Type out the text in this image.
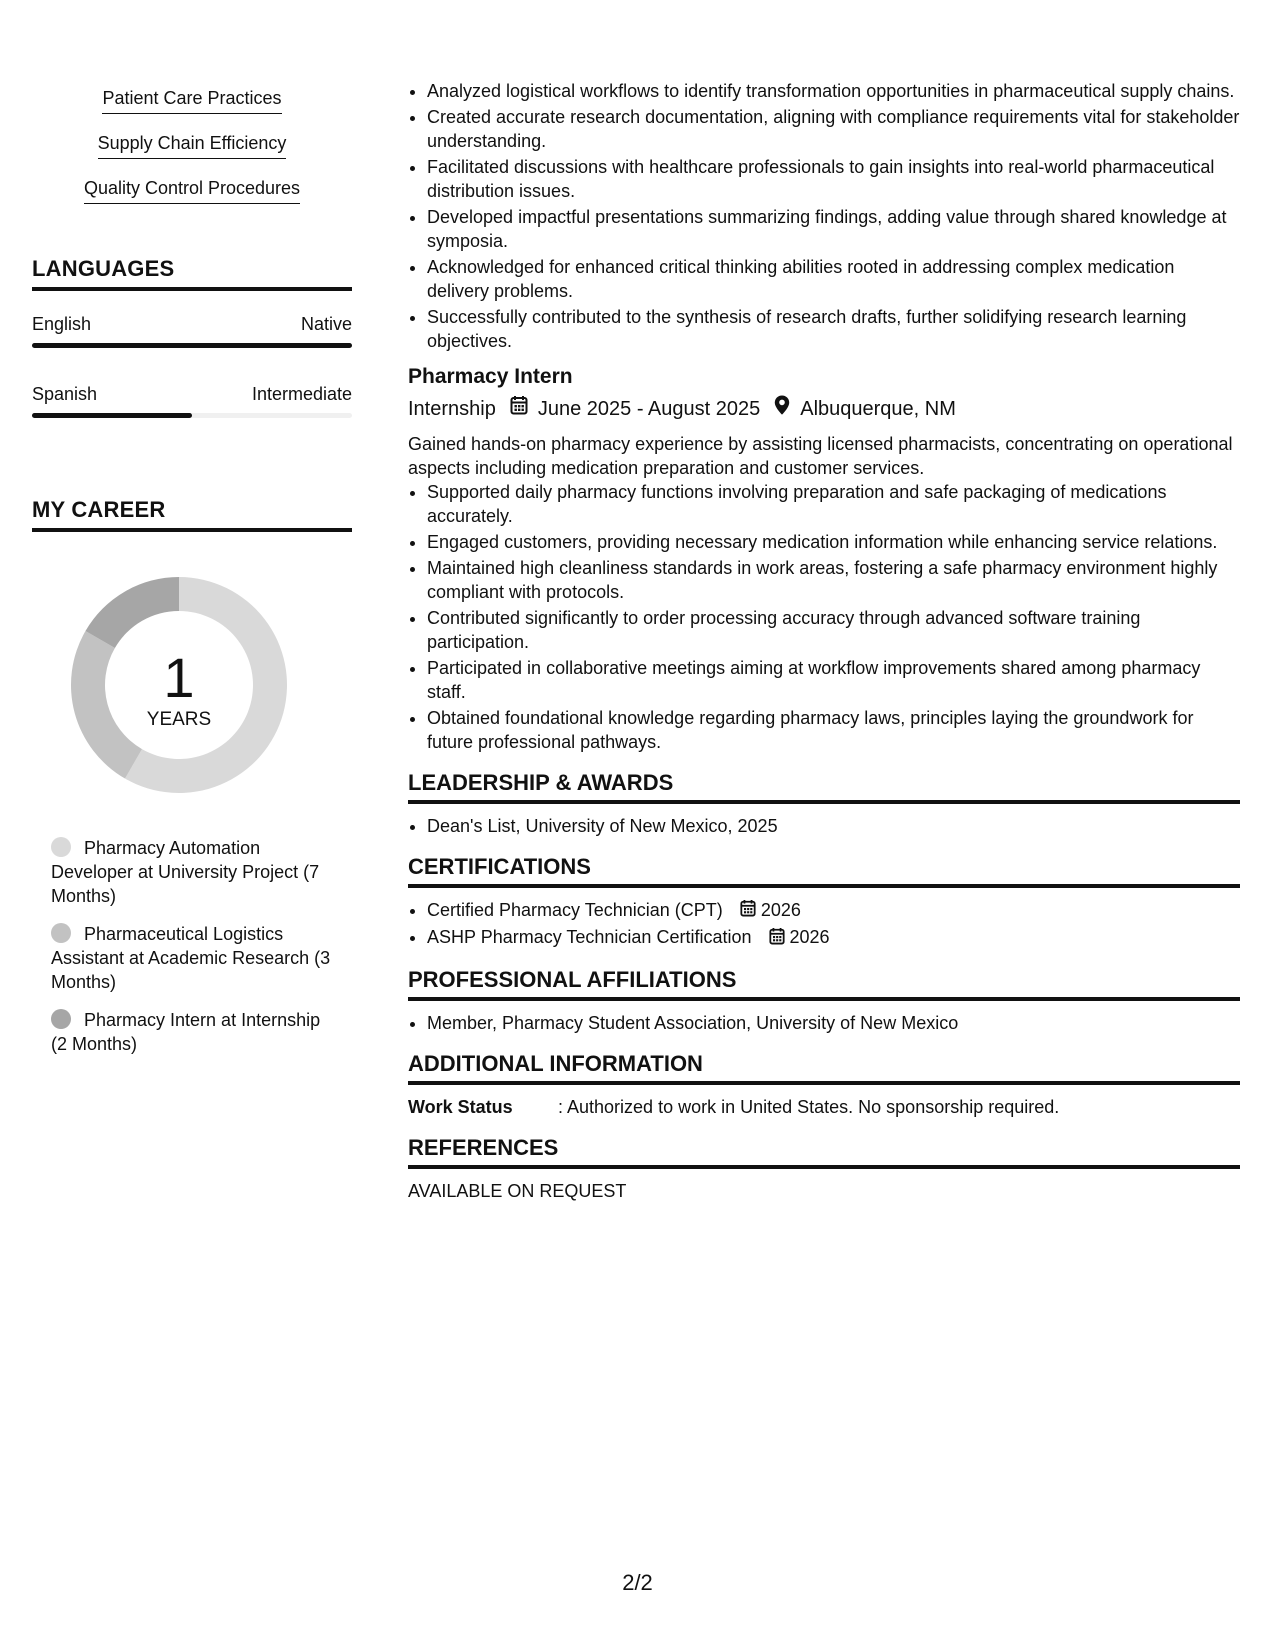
Patient Care Practices
Supply Chain Efficiency
Quality Control Procedures
LANGUAGES
English	Native
Spanish	Intermediate
MY CAREER
1
YEARS
Pharmacy Automation Developer at University Project (7 Months)
Pharmaceutical Logistics Assistant at Academic Research (3 Months)
Pharmacy Intern at Internship (2 Months)
• Analyzed logistical workflows to identify transformation opportunities in pharmaceutical supply chains.
• Created accurate research documentation, aligning with compliance requirements vital for stakeholder understanding.
• Facilitated discussions with healthcare professionals to gain insights into real-world pharmaceutical distribution issues.
• Developed impactful presentations summarizing findings, adding value through shared knowledge at symposia.
• Acknowledged for enhanced critical thinking abilities rooted in addressing complex medication delivery problems.
• Successfully contributed to the synthesis of research drafts, further solidifying research learning objectives.
Pharmacy Intern
Internship June 2025 - August 2025 Albuquerque, NM
Gained hands-on pharmacy experience by assisting licensed pharmacists, concentrating on operational aspects including medication preparation and customer services.
• Supported daily pharmacy functions involving preparation and safe packaging of medications accurately.
• Engaged customers, providing necessary medication information while enhancing service relations.
• Maintained high cleanliness standards in work areas, fostering a safe pharmacy environment highly compliant with protocols.
• Contributed significantly to order processing accuracy through advanced software training participation.
• Participated in collaborative meetings aiming at workflow improvements shared among pharmacy staff.
• Obtained foundational knowledge regarding pharmacy laws, principles laying the groundwork for future professional pathways.
LEADERSHIP & AWARDS
• Dean's List, University of New Mexico, 2025
CERTIFICATIONS
• Certified Pharmacy Technician (CPT) 2026
• ASHP Pharmacy Technician Certification 2026
PROFESSIONAL AFFILIATIONS
• Member, Pharmacy Student Association, University of New Mexico
ADDITIONAL INFORMATION
Work Status	: Authorized to work in United States. No sponsorship required.
REFERENCES
AVAILABLE ON REQUEST
2/2
